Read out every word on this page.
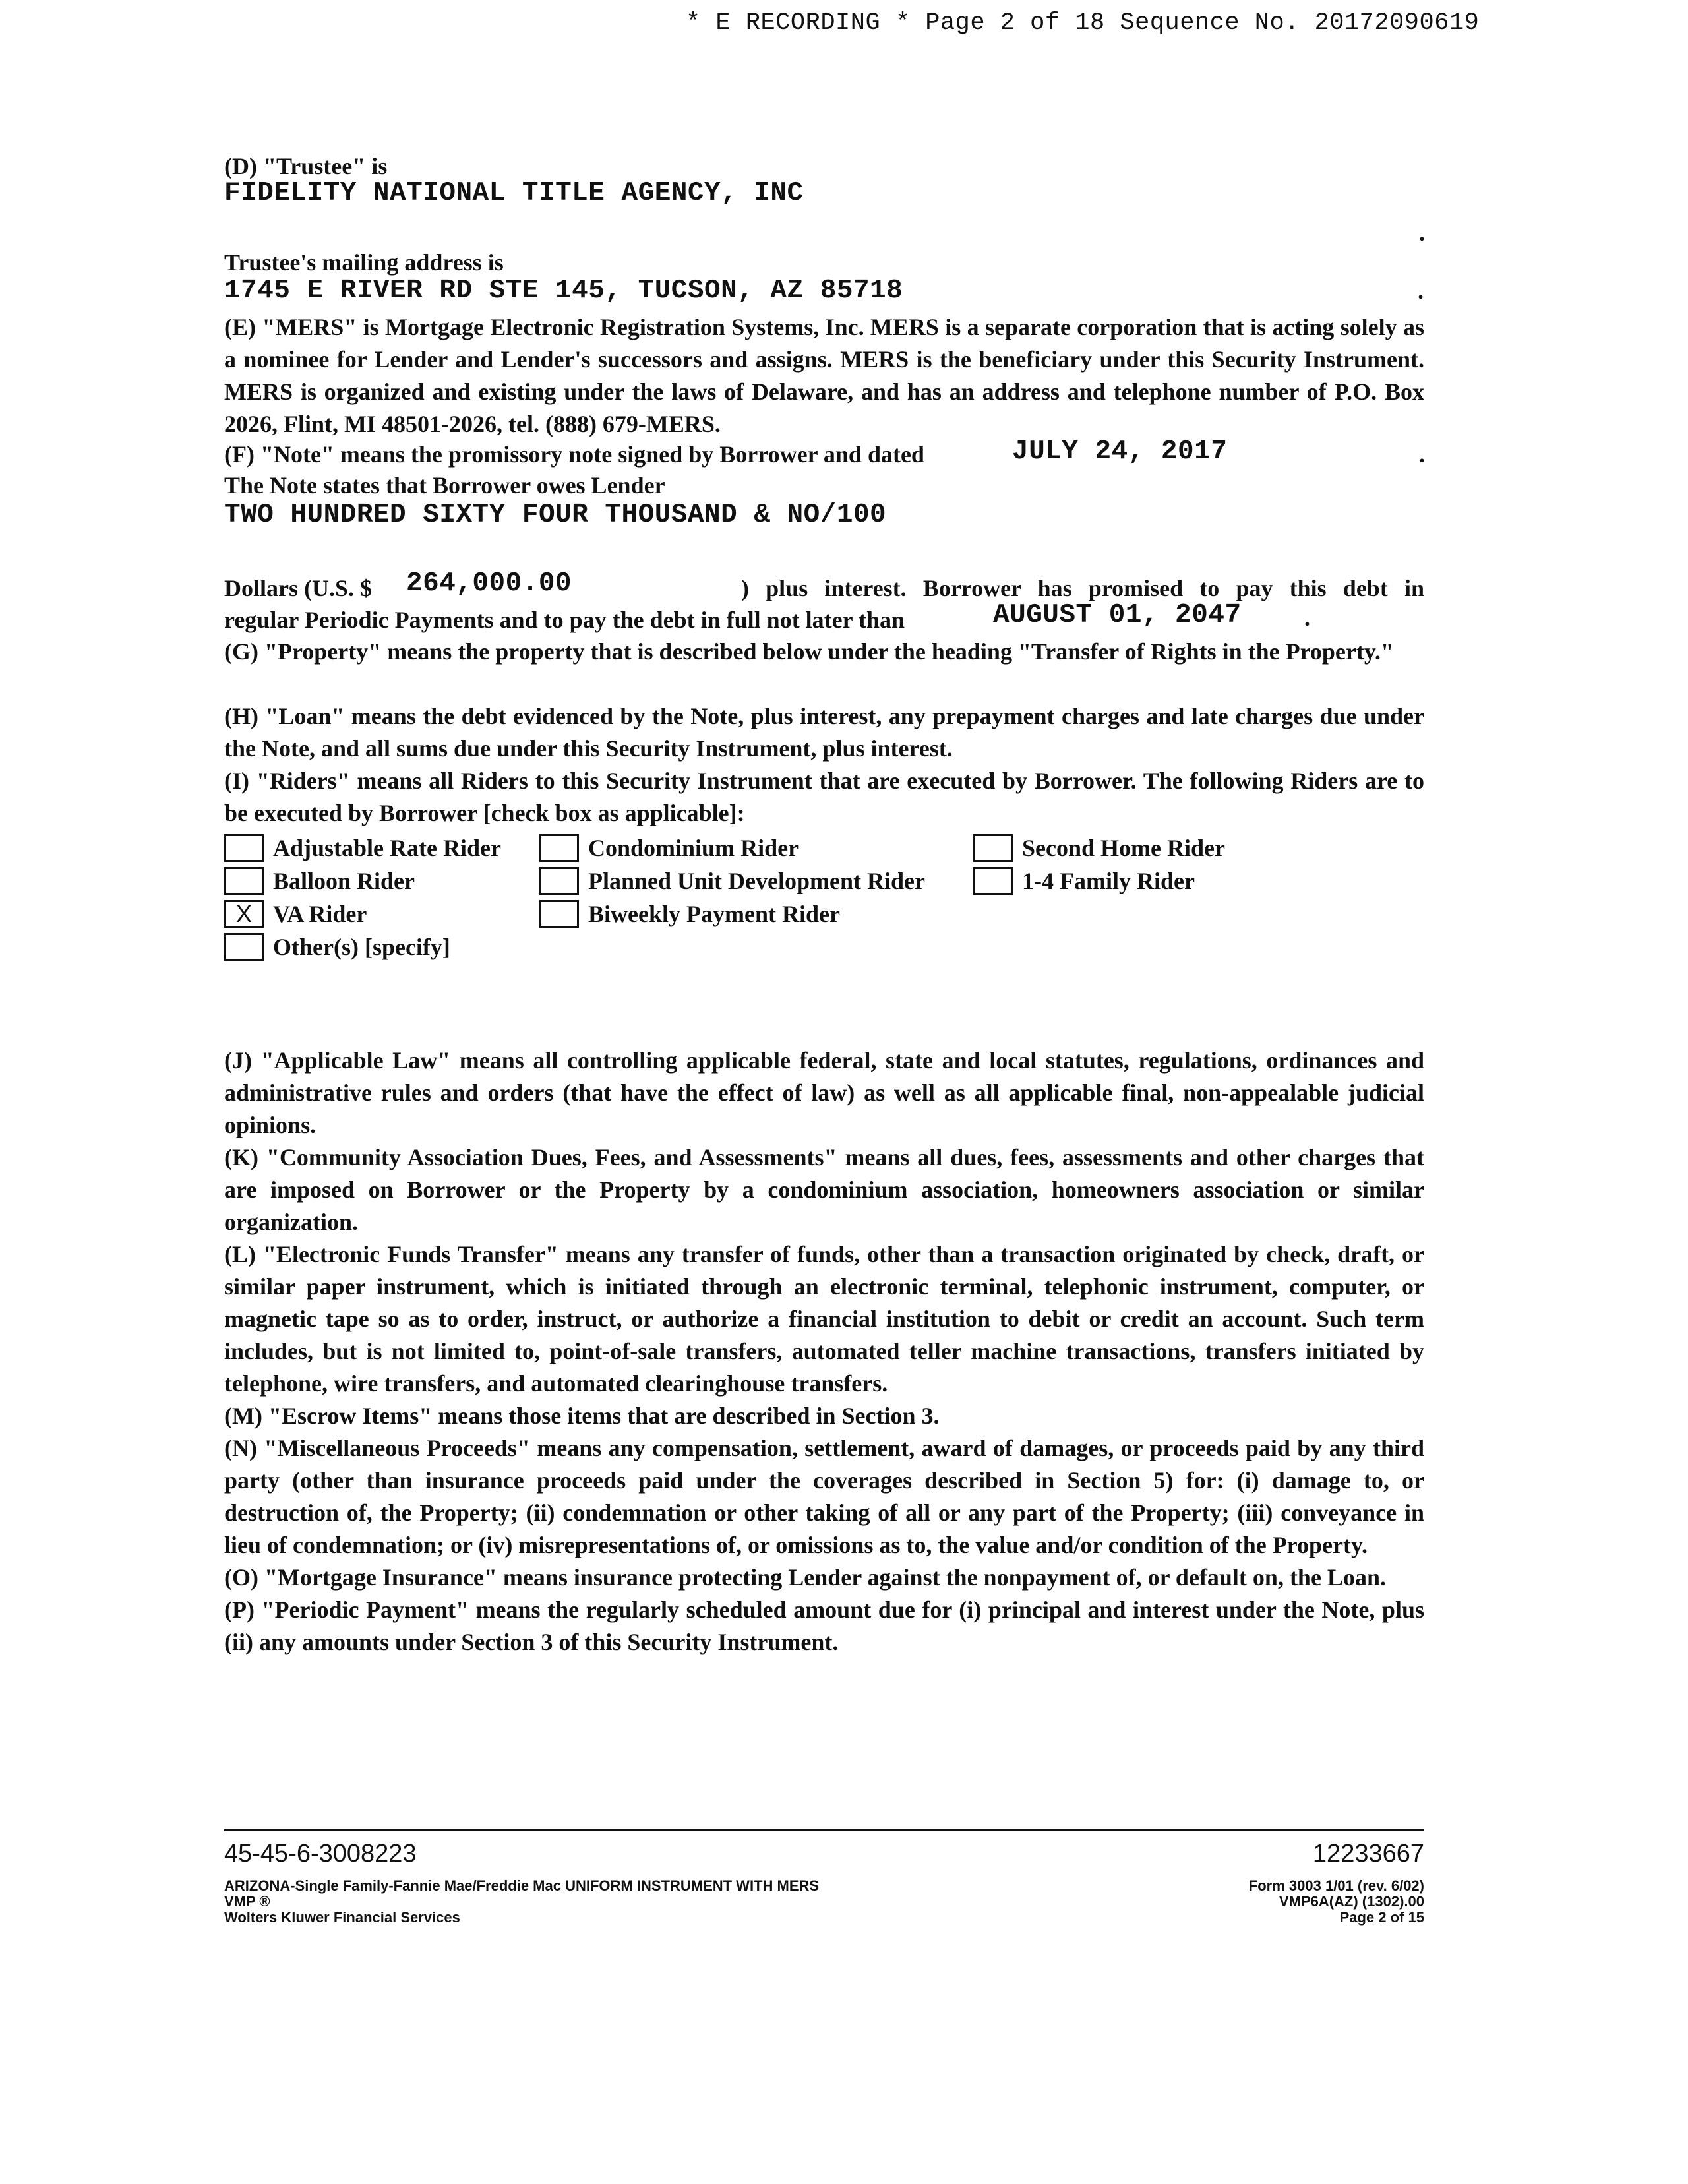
* E RECORDING * Page 2 of 18 Sequence No. 20172090619
(D) "Trustee" is
FIDELITY NATIONAL TITLE AGENCY, INC
.
Trustee's mailing address is
1745 E RIVER RD STE 145, TUCSON, AZ 85718	.

(E) "MERS" is Mortgage Electronic Registration Systems, Inc. MERS is a separate corporation that is acting solely as a nominee for Lender and Lender's successors and assigns. MERS is the beneficiary under this Security Instrument. MERS is organized and existing under the laws of Delaware, and has an address and telephone number of P.O. Box 2026, Flint, MI 48501-2026, tel. (888) 679-MERS.

(F) "Note" means the promissory note signed by Borrower and dated	JULY 24, 2017	.
The Note states that Borrower owes Lender
TWO HUNDRED SIXTY FOUR THOUSAND & NO/100
Dollars (U.S. $ 264,000.00	) plus interest. Borrower has promised to pay this debt in
regular Periodic Payments and to pay the debt in full not later than	AUGUST 01, 2047	.

(G) "Property" means the property that is described below under the heading "Transfer of Rights in the Property."

(H) "Loan" means the debt evidenced by the Note, plus interest, any prepayment charges and late charges due under the Note, and all sums due under this Security Instrument, plus interest.

(I) "Riders" means all Riders to this Security Instrument that are executed by Borrower. The following Riders are to be executed by Borrower [check box as applicable]:

Adjustable Rate Rider	Condominium Rider	Second Home Rider
Balloon Rider	Planned Unit Development Rider	1-4 Family Rider
X VA Rider	Biweekly Payment Rider
Other(s) [specify]

(J) "Applicable Law" means all controlling applicable federal, state and local statutes, regulations, ordinances and administrative rules and orders (that have the effect of law) as well as all applicable final, non-appealable judicial opinions.

(K) "Community Association Dues, Fees, and Assessments" means all dues, fees, assessments and other charges that are imposed on Borrower or the Property by a condominium association, homeowners association or similar organization.

(L) "Electronic Funds Transfer" means any transfer of funds, other than a transaction originated by check, draft, or similar paper instrument, which is initiated through an electronic terminal, telephonic instrument, computer, or magnetic tape so as to order, instruct, or authorize a financial institution to debit or credit an account. Such term includes, but is not limited to, point-of-sale transfers, automated teller machine transactions, transfers initiated by telephone, wire transfers, and automated clearinghouse transfers.

(M) "Escrow Items" means those items that are described in Section 3.

(N) "Miscellaneous Proceeds" means any compensation, settlement, award of damages, or proceeds paid by any third party (other than insurance proceeds paid under the coverages described in Section 5) for: (i) damage to, or destruction of, the Property; (ii) condemnation or other taking of all or any part of the Property; (iii) conveyance in lieu of condemnation; or (iv) misrepresentations of, or omissions as to, the value and/or condition of the Property.

(O) "Mortgage Insurance" means insurance protecting Lender against the nonpayment of, or default on, the Loan.

(P) "Periodic Payment" means the regularly scheduled amount due for (i) principal and interest under the Note, plus (ii) any amounts under Section 3 of this Security Instrument.

45-45-6-3008223	12233667
ARIZONA-Single Family-Fannie Mae/Freddie Mac UNIFORM INSTRUMENT WITH MERS
VMP ®
Wolters Kluwer Financial Services
Form 3003 1/01 (rev. 6/02)
VMP6A(AZ) (1302).00
Page 2 of 15
